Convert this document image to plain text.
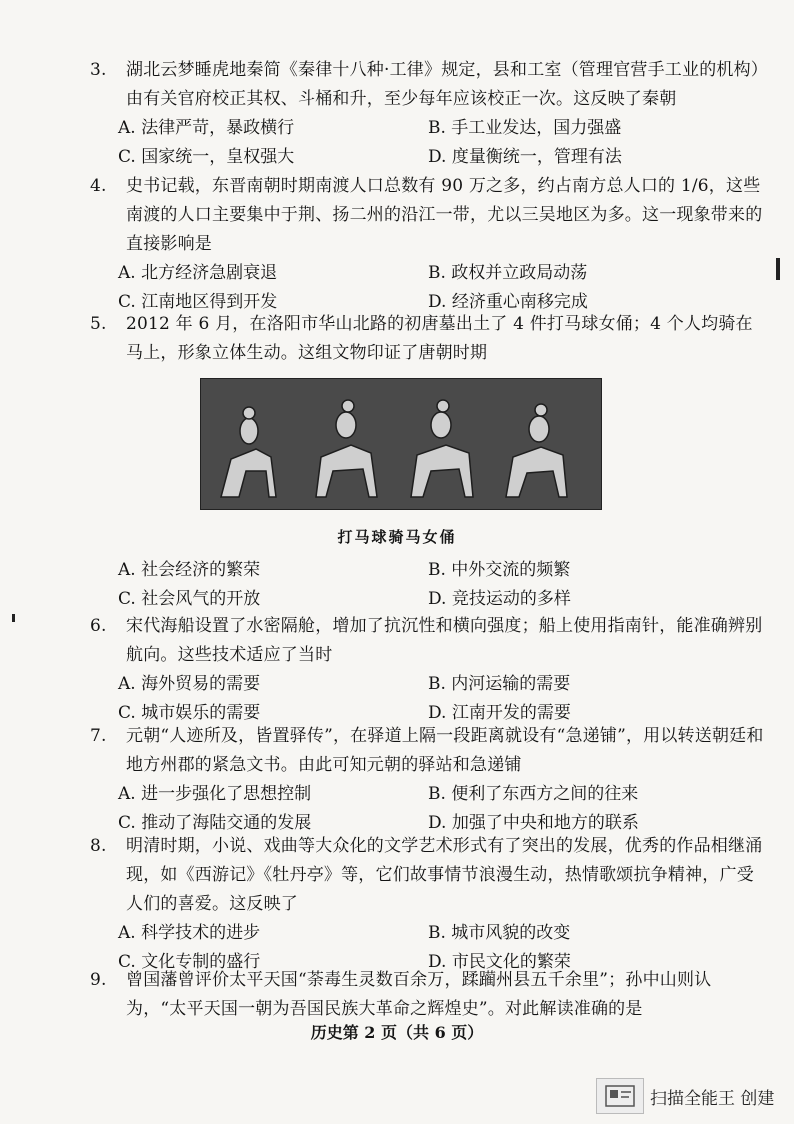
3. 湖北云梦睡虎地秦简《秦律十八种·工律》规定，县和工室（管理官营手工业的机构）由有关官府校正其权、斗桶和升，至少每年应该校正一次。这反映了秦朝

A. 法律严苛，暴政横行	B. 手工业发达，国力强盛
C. 国家统一，皇权强大	D. 度量衡统一，管理有法

4. 史书记载，东晋南朝时期南渡人口总数有 90 万之多，约占南方总人口的 1/6，这些南渡的人口主要集中于荆、扬二州的沿江一带，尤以三吴地区为多。这一现象带来的直接影响是

A. 北方经济急剧衰退	B. 政权并立政局动荡
C. 江南地区得到开发	D. 经济重心南移完成

5. 2012 年 6 月，在洛阳市华山北路的初唐墓出土了 4 件打马球女俑；4 个人均骑在马上，形象立体生动。这组文物印证了唐朝时期

打马球骑马女俑
A. 社会经济的繁荣	B. 中外交流的频繁
C. 社会风气的开放	D. 竞技运动的多样

6. 宋代海船设置了水密隔舱，增加了抗沉性和横向强度；船上使用指南针，能准确辨别航向。这些技术适应了当时

A. 海外贸易的需要	B. 内河运输的需要
C. 城市娱乐的需要	D. 江南开发的需要

7. 元朝“人迹所及，皆置驿传”，在驿道上隔一段距离就设有“急递铺”，用以转送朝廷和地方州郡的紧急文书。由此可知元朝的驿站和急递铺

A. 进一步强化了思想控制	B. 便利了东西方之间的往来
C. 推动了海陆交通的发展	D. 加强了中央和地方的联系

8. 明清时期，小说、戏曲等大众化的文学艺术形式有了突出的发展，优秀的作品相继涌现，如《西游记》《牡丹亭》等，它们故事情节浪漫生动，热情歌颂抗争精神，广受人们的喜爱。这反映了

A. 科学技术的进步	B. 城市风貌的改变
C. 文化专制的盛行	D. 市民文化的繁荣

9. 曾国藩曾评价太平天国“荼毒生灵数百余万，蹂躏州县五千余里”；孙中山则认为，“太平天国一朝为吾国民族大革命之辉煌史”。对此解读准确的是

历史第 2 页（共 6 页）
扫描全能王 创建
